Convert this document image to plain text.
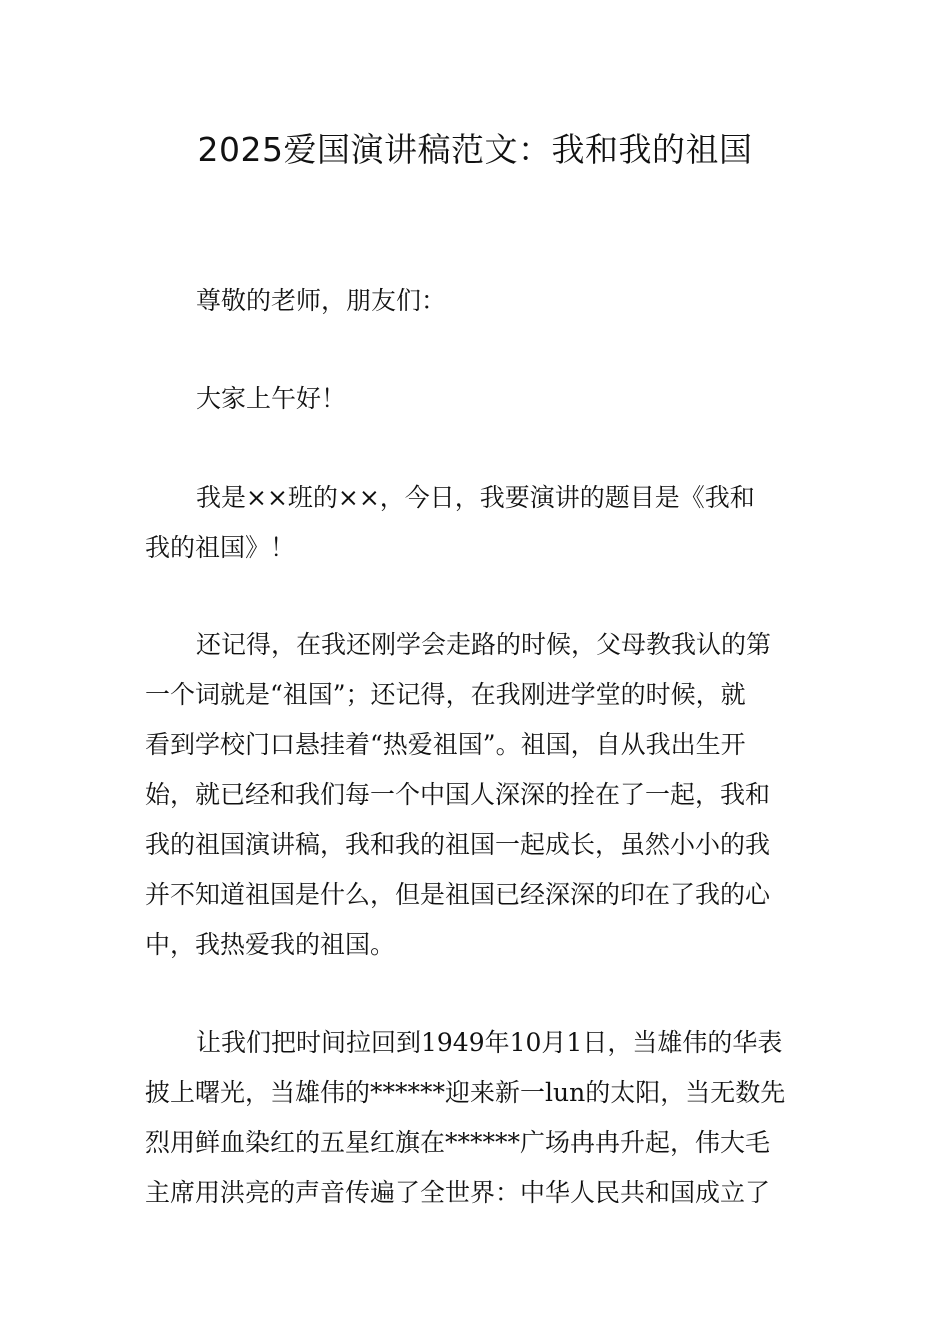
2025爱国演讲稿范文：我和我的祖国
尊敬的老师，朋友们：
大家上午好！
我是××班的××，今日，我要演讲的题目是《我和
我的祖国》！
还记得，在我还刚学会走路的时候，父母教我认的第
一个词就是“祖国”；还记得，在我刚进学堂的时候，就
看到学校门口悬挂着“热爱祖国”。祖国，自从我出生开
始，就已经和我们每一个中国人深深的拴在了一起，我和
我的祖国演讲稿，我和我的祖国一起成长，虽然小小的我
并不知道祖国是什么，但是祖国已经深深的印在了我的心
中，我热爱我的祖国。
让我们把时间拉回到1949年10月1日，当雄伟的华表
披上曙光，当雄伟的******迎来新一lun的太阳，当无数先
烈用鲜血染红的五星红旗在******广场冉冉升起，伟大毛
主席用洪亮的声音传遍了全世界：中华人民共和国成立了
